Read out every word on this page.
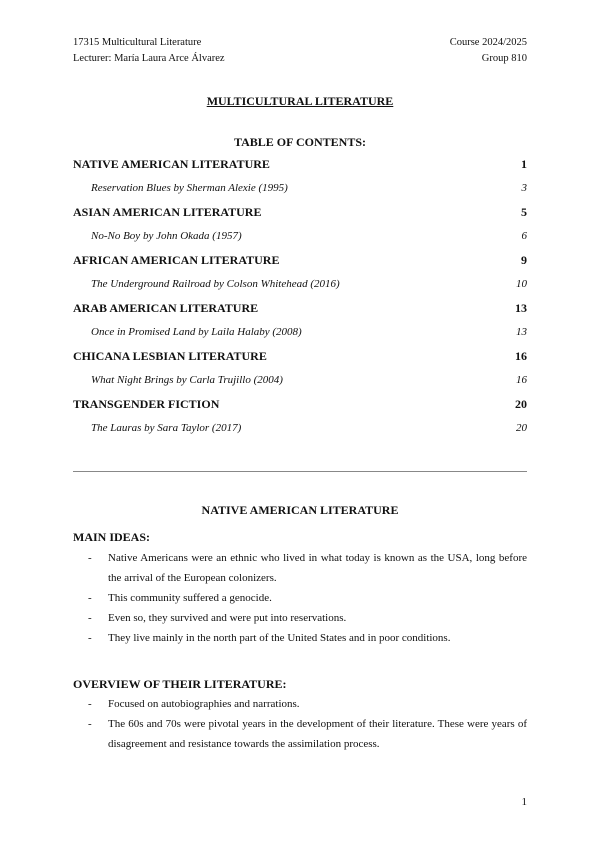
17315 Multicultural Literature
Lecturer: María Laura Arce Álvarez
Course 2024/2025
Group 810
MULTICULTURAL LITERATURE
TABLE OF CONTENTS:
NATIVE AMERICAN LITERATURE	1
Reservation Blues by Sherman Alexie (1995)	3
ASIAN AMERICAN LITERATURE	5
No-No Boy by John Okada (1957)	6
AFRICAN AMERICAN LITERATURE	9
The Underground Railroad by Colson Whitehead (2016)	10
ARAB AMERICAN LITERATURE	13
Once in Promised Land by Laila Halaby (2008)	13
CHICANA LESBIAN LITERATURE	16
What Night Brings by Carla Trujillo (2004)	16
TRANSGENDER FICTION	20
The Lauras by Sara Taylor (2017)	20
NATIVE AMERICAN LITERATURE
MAIN IDEAS:
- Native Americans were an ethnic who lived in what today is known as the USA, long before the arrival of the European colonizers.
- This community suffered a genocide.
- Even so, they survived and were put into reservations.
- They live mainly in the north part of the United States and in poor conditions.
OVERVIEW OF THEIR LITERATURE:
- Focused on autobiographies and narrations.
- The 60s and 70s were pivotal years in the development of their literature. These were years of disagreement and resistance towards the assimilation process.
1
